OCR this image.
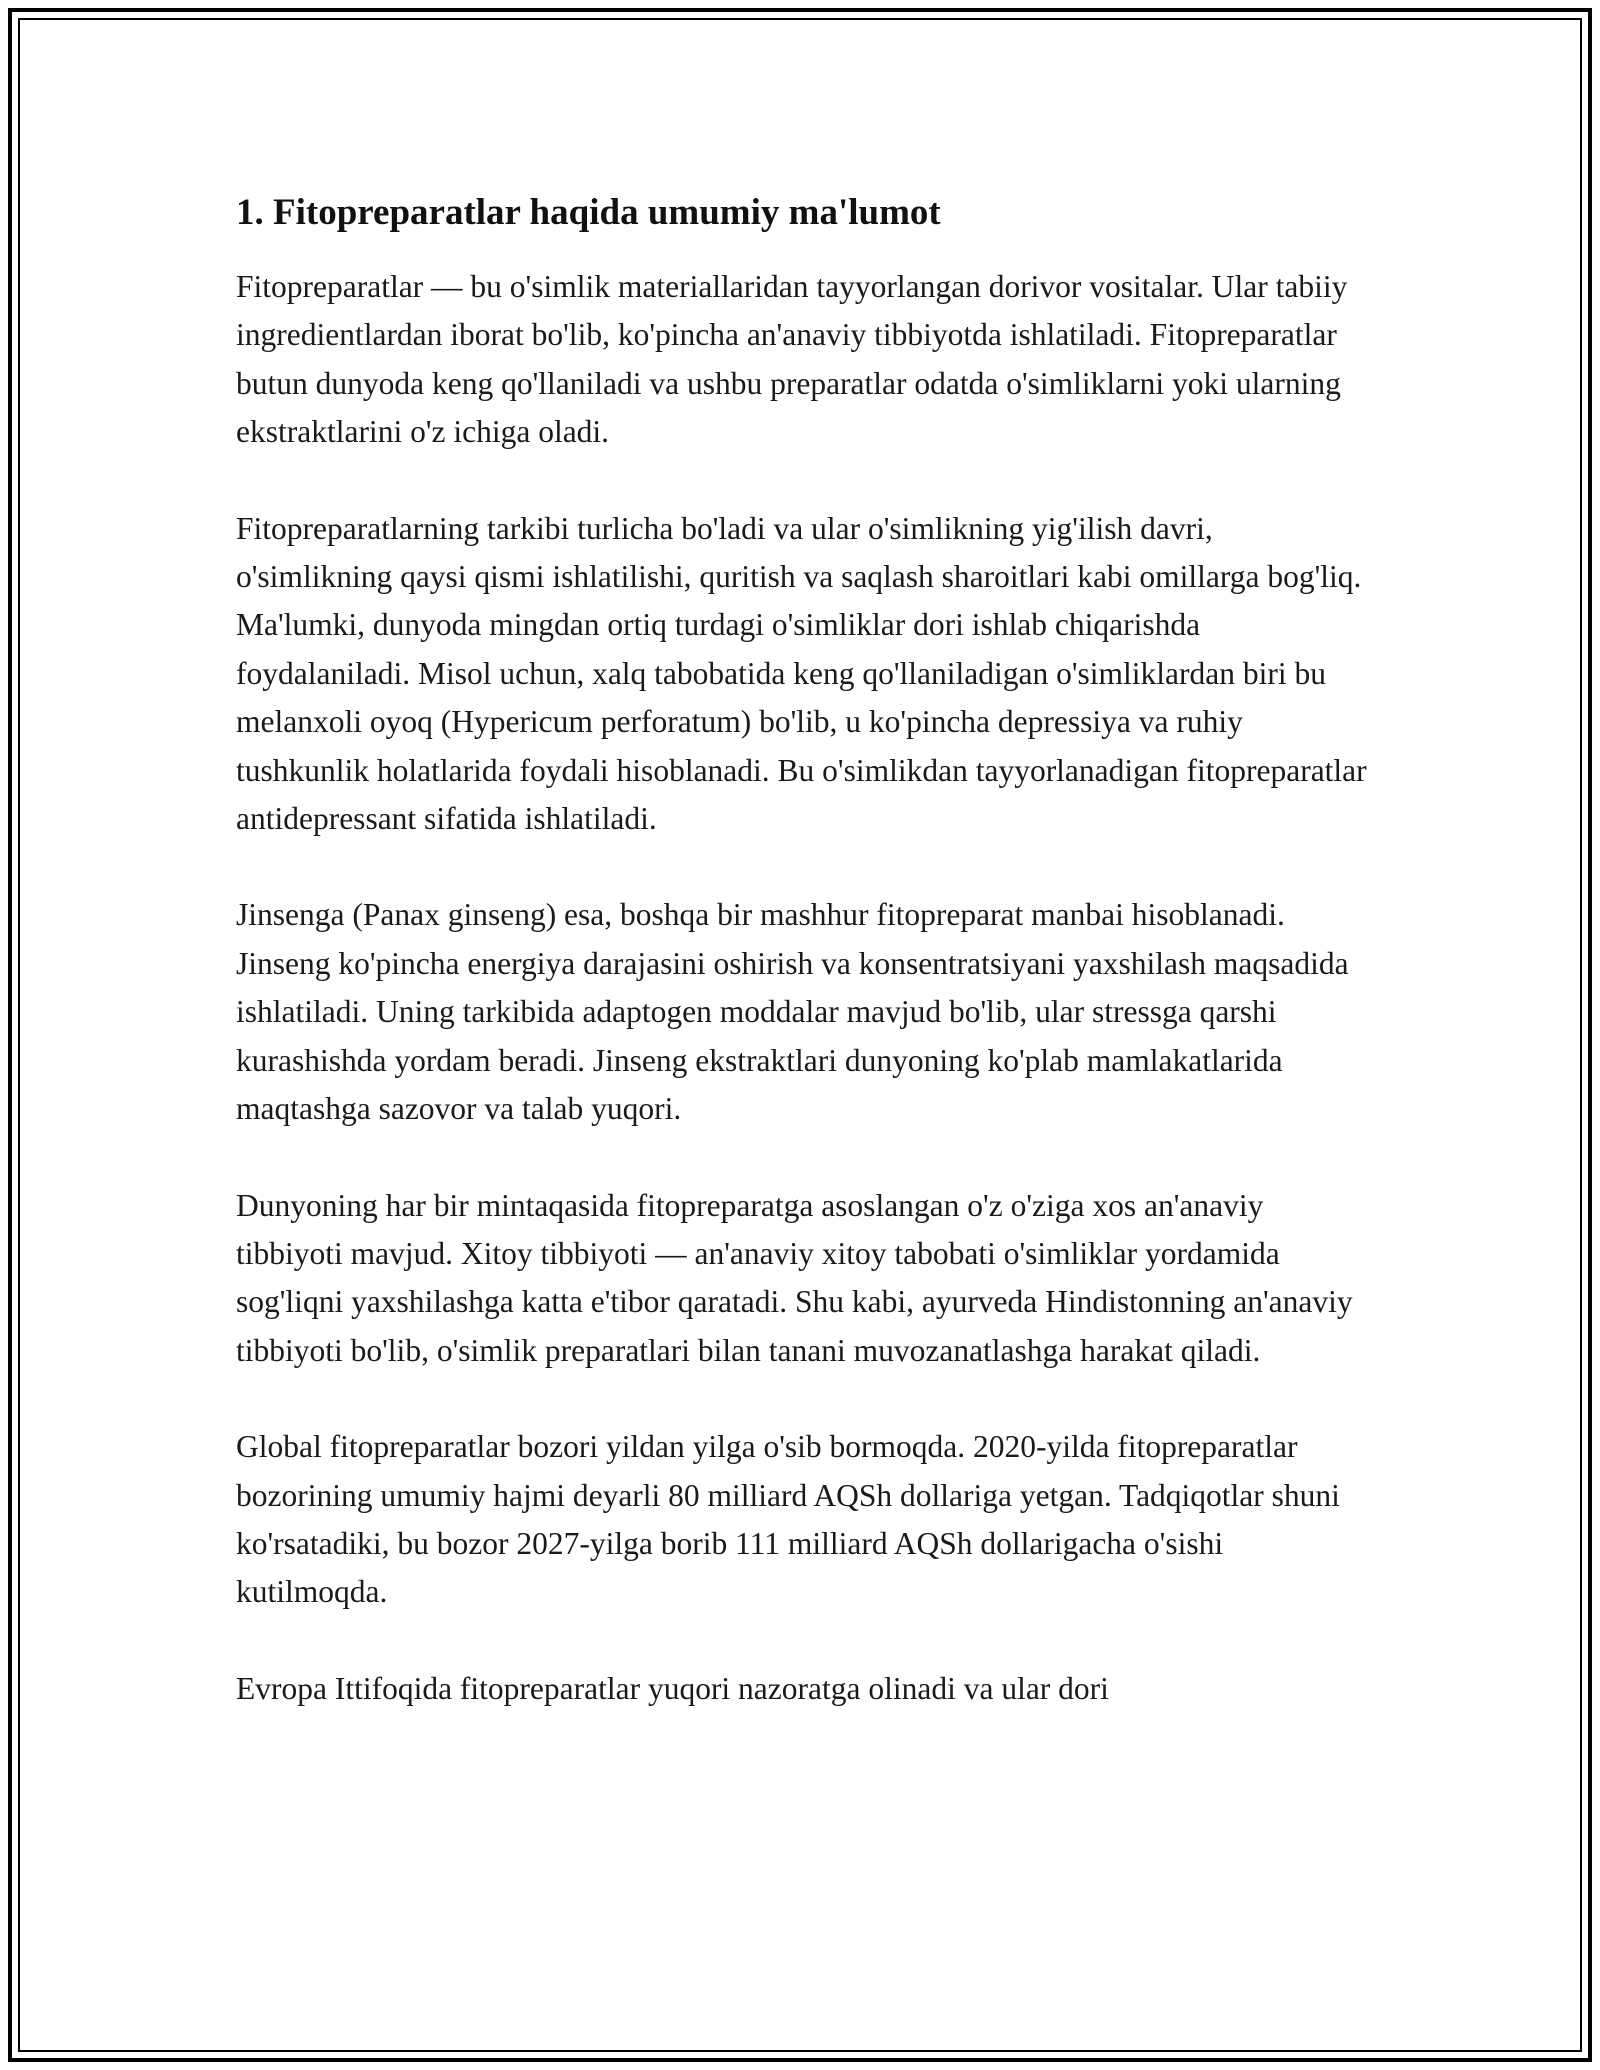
1. Fitopreparatlar haqida umumiy ma'lumot

Fitopreparatlar — bu o'simlik materiallaridan tayyorlangan dorivor vositalar. Ular tabiiy ingredientlardan iborat bo'lib, ko'pincha an'anaviy tibbiyotda ishlatiladi. Fitopreparatlar butun dunyoda keng qo'llaniladi va ushbu preparatlar odatda o'simliklarni yoki ularning ekstraktlarini o'z ichiga oladi.

Fitopreparatlarning tarkibi turlicha bo'ladi va ular o'simlikning yig'ilish davri, o'simlikning qaysi qismi ishlatilishi, quritish va saqlash sharoitlari kabi omillarga bog'liq. Ma'lumki, dunyoda mingdan ortiq turdagi o'simliklar dori ishlab chiqarishda foydalaniladi. Misol uchun, xalq tabobatida keng qo'llaniladigan o'simliklardan biri bu melanxoli oyoq (Hypericum perforatum) bo'lib, u ko'pincha depressiya va ruhiy tushkunlik holatlarida foydali hisoblanadi. Bu o'simlikdan tayyorlanadigan fitopreparatlar antidepressant sifatida ishlatiladi.

Jinsenga (Panax ginseng) esa, boshqa bir mashhur fitopreparat manbai hisoblanadi. Jinseng ko'pincha energiya darajasini oshirish va konsentratsiyani yaxshilash maqsadida ishlatiladi. Uning tarkibida adaptogen moddalar mavjud bo'lib, ular stressga qarshi kurashishda yordam beradi. Jinseng ekstraktlari dunyoning ko'plab mamlakatlarida maqtashga sazovor va talab yuqori.

Dunyoning har bir mintaqasida fitopreparatga asoslangan o'z o'ziga xos an'anaviy tibbiyoti mavjud. Xitoy tibbiyoti — an'anaviy xitoy tabobati o'simliklar yordamida sog'liqni yaxshilashga katta e'tibor qaratadi. Shu kabi, ayurveda Hindistonning an'anaviy tibbiyoti bo'lib, o'simlik preparatlari bilan tanani muvozanatlashga harakat qiladi.

Global fitopreparatlar bozori yildan yilga o'sib bormoqda. 2020-yilda fitopreparatlar bozorining umumiy hajmi deyarli 80 milliard AQSh dollariga yetgan. Tadqiqotlar shuni ko'rsatadiki, bu bozor 2027-yilga borib 111 milliard AQSh dollarigacha o'sishi kutilmoqda.

Evropa Ittifoqida fitopreparatlar yuqori nazoratga olinadi va ular dori
